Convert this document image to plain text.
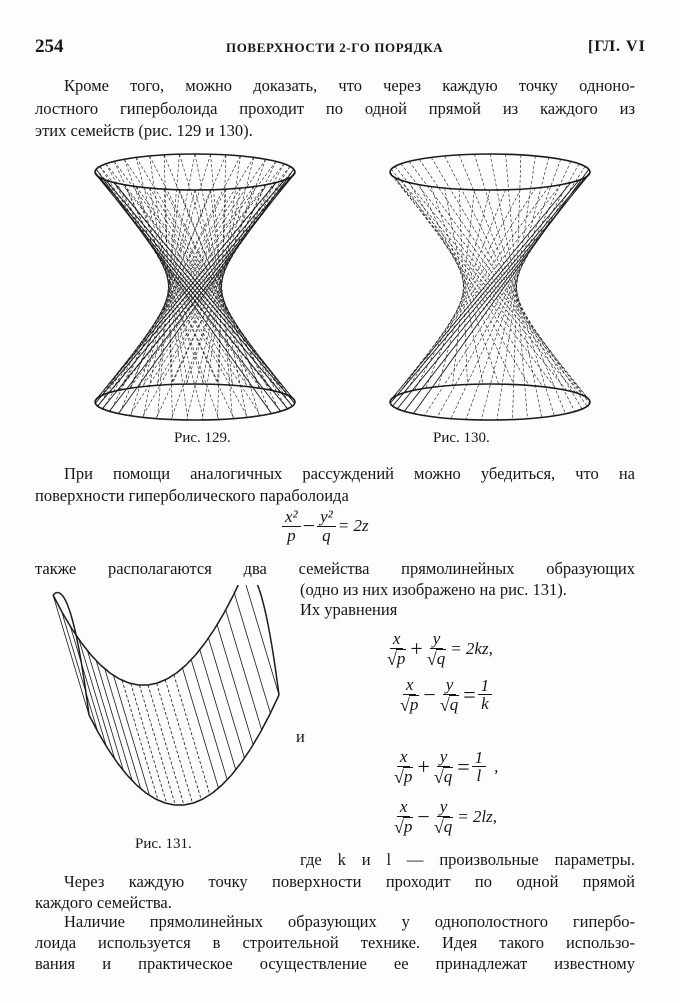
254	ПОВЕРХНОСТИ 2-ГО ПОРЯДКА	[ГЛ. VI
Кроме того, можно доказать, что через каждую точку одноно-
лостного гиперболоида проходит по одной прямой из каждого из
этих семейств (рис. 129 и 130).
Рис. 129.	Рис. 130.
При помощи аналогичных рассуждений можно убедиться, что на
поверхности гиперболического параболоида
$\frac{\text{x²}}{p} - \frac{\text{y²}}{q} = 2z$
также располагаются два семейства прямолинейных образующих
(одно из них изображено на рис. 131).
Их уравнения
Рис. 131.
$\frac{x}{√ p} + \frac{y}{√ q} = 2kz$,
$\frac{x}{√ p} - \frac{y}{√ q} = \frac{1}{k}$
и
$\frac{x}{√ p} + \frac{y}{√ q} = \frac{1}{l}$ ,
$\frac{x}{√ p} - \frac{y}{√ q} = 2lz$,
где k и l — произвольные параметры.
Через каждую точку поверхности проходит по одной прямой
каждого семейства.
Наличие прямолинейных образующих у однополостного гипербо-
лоида используется в строительной технике. Идея такого использо-
вания и практическое осуществление ее принадлежат известному
